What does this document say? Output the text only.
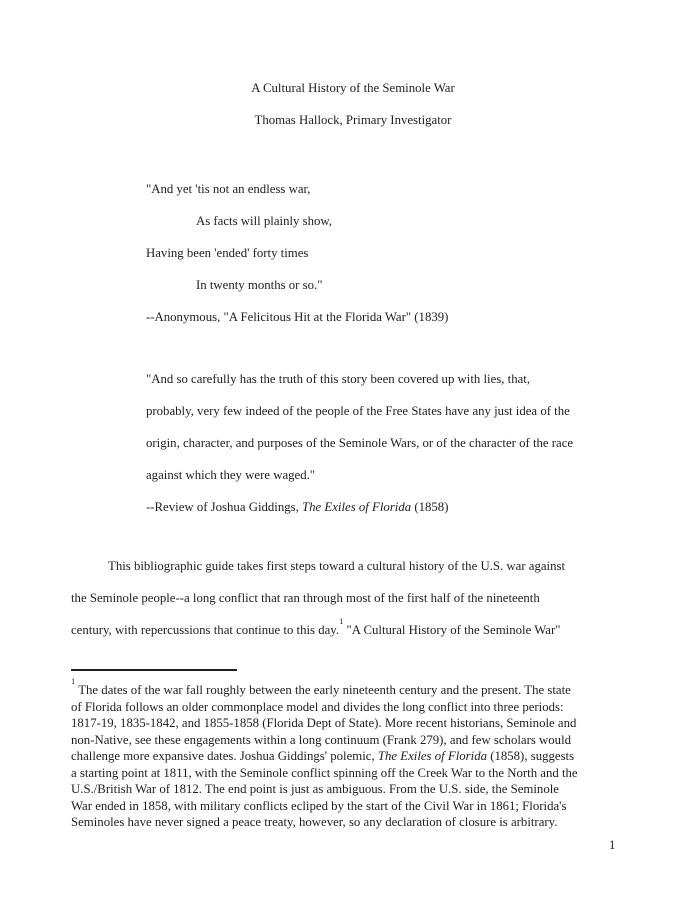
A Cultural History of the Seminole War
Thomas Hallock, Primary Investigator
"And yet 'tis not an endless war,
As facts will plainly show,
Having been 'ended' forty times
In twenty months or so."
--Anonymous, "A Felicitous Hit at the Florida War" (1839)
"And so carefully has the truth of this story been covered up with lies, that,
probably, very few indeed of the people of the Free States have any just idea of the
origin, character, and purposes of the Seminole Wars, or of the character of the race
against which they were waged."
--Review of Joshua Giddings, The Exiles of Florida (1858)
This bibliographic guide takes first steps toward a cultural history of the U.S. war against
the Seminole people--a long conflict that ran through most of the first half of the nineteenth
century, with repercussions that continue to this day.$^1$ "A Cultural History of the Seminole War"
$^1$ The dates of the war fall roughly between the early nineteenth century and the present. The state
of Florida follows an older commonplace model and divides the long conflict into three periods:
1817-19, 1835-1842, and 1855-1858 (Florida Dept of State). More recent historians, Seminole and
non-Native, see these engagements within a long continuum (Frank 279), and few scholars would
challenge more expansive dates. Joshua Giddings' polemic, The Exiles of Florida (1858), suggests
a starting point at 1811, with the Seminole conflict spinning off the Creek War to the North and the
U.S./British War of 1812. The end point is just as ambiguous. From the U.S. side, the Seminole
War ended in 1858, with military conflicts ecliped by the start of the Civil War in 1861; Florida's
Seminoles have never signed a peace treaty, however, so any declaration of closure is arbitrary.
1
